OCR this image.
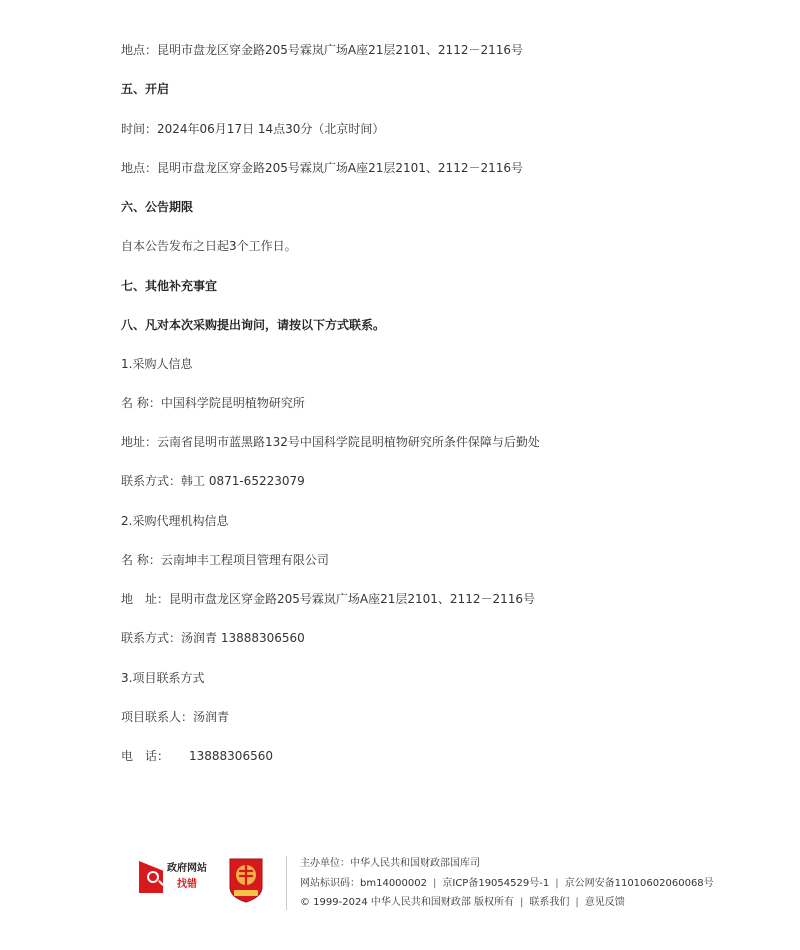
地点：昆明市盘龙区穿金路205号霖岚广场A座21层2101、2112－2116号
五、开启
时间：2024年06月17日 14点30分（北京时间）
地点：昆明市盘龙区穿金路205号霖岚广场A座21层2101、2112－2116号
六、公告期限
自本公告发布之日起3个工作日。
七、其他补充事宜
八、凡对本次采购提出询问，请按以下方式联系。
1.采购人信息
名 称：中国科学院昆明植物研究所
地址：云南省昆明市蓝黑路132号中国科学院昆明植物研究所条件保障与后勤处
联系方式：韩工 0871-65223079
2.采购代理机构信息
名 称：云南坤丰工程项目管理有限公司
地　址：昆明市盘龙区穿金路205号霖岚广场A座21层2101、2112－2116号
联系方式：汤润青 13888306560
3.项目联系方式
项目联系人：汤润青
电　话： 13888306560
政府网站
找错
主办单位：中华人民共和国财政部国库司
网站标识码：bm14000002 | 京ICP备19054529号-1 | 京公网安备11010602060068号
© 1999-2024 中华人民共和国财政部 版权所有 | 联系我们 | 意见反馈
